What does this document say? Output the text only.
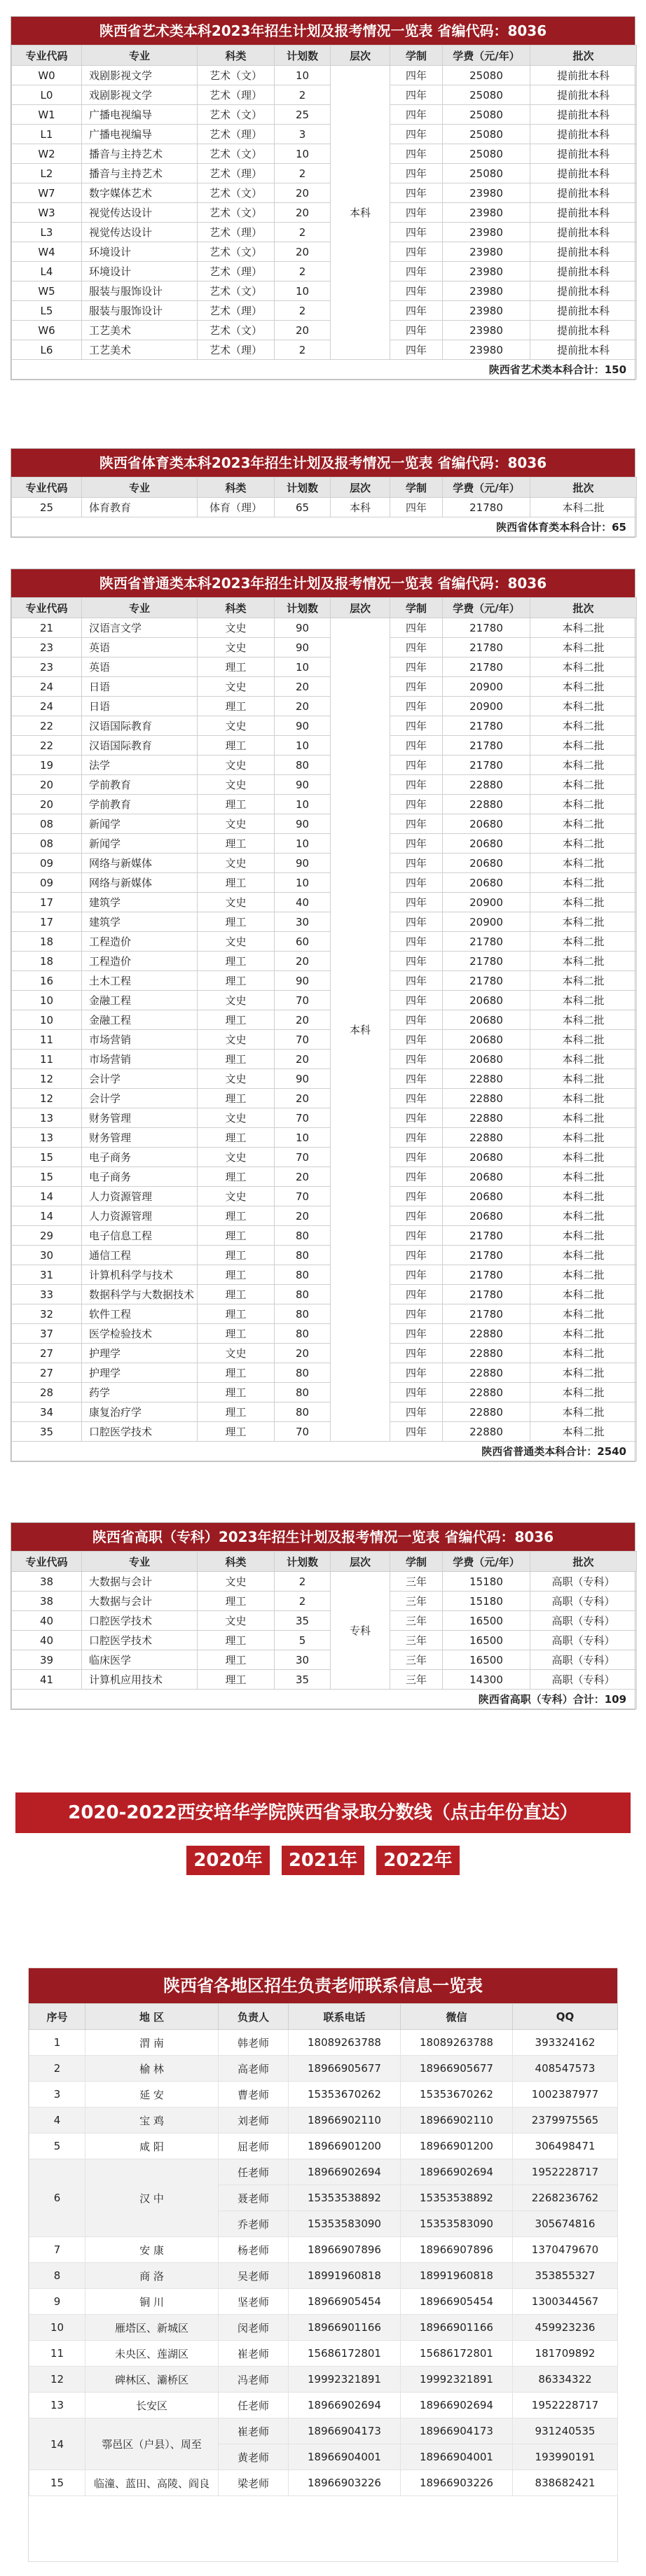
陕西省艺术类本科2023年招生计划及报考情况一览表 省编代码：8036
专业代码	专业	科类	计划数	层次	学制	学费（元/年）	批次
W0	戏剧影视文学	艺术（文）	10	本科	四年	25080	提前批本科
L0	戏剧影视文学	艺术（理）	2		四年	25080	提前批本科
W1	广播电视编导	艺术（文）	25		四年	25080	提前批本科
L1	广播电视编导	艺术（理）	3		四年	25080	提前批本科
W2	播音与主持艺术	艺术（文）	10		四年	25080	提前批本科
L2	播音与主持艺术	艺术（理）	2		四年	25080	提前批本科
W7	数字媒体艺术	艺术（文）	20		四年	23980	提前批本科
W3	视觉传达设计	艺术（文）	20		四年	23980	提前批本科
L3	视觉传达设计	艺术（理）	2		四年	23980	提前批本科
W4	环境设计	艺术（文）	20		四年	23980	提前批本科
L4	环境设计	艺术（理）	2		四年	23980	提前批本科
W5	服装与服饰设计	艺术（文）	10		四年	23980	提前批本科
L5	服装与服饰设计	艺术（理）	2		四年	23980	提前批本科
W6	工艺美术	艺术（文）	20		四年	23980	提前批本科
L6	工艺美术	艺术（理）	2		四年	23980	提前批本科
陕西省艺术类本科合计：150							
陕西省体育类本科2023年招生计划及报考情况一览表 省编代码：8036
专业代码	专业	科类	计划数	层次	学制	学费（元/年）	批次
25	体育教育	体育（理）	65	本科	四年	21780	本科二批
陕西省体育类本科合计：65							
陕西省普通类本科2023年招生计划及报考情况一览表 省编代码：8036
专业代码	专业	科类	计划数	层次	学制	学费（元/年）	批次
21	汉语言文学	文史	90	本科	四年	21780	本科二批
23	英语	文史	90		四年	21780	本科二批
23	英语	理工	10		四年	21780	本科二批
24	日语	文史	20		四年	20900	本科二批
24	日语	理工	20		四年	20900	本科二批
22	汉语国际教育	文史	90		四年	21780	本科二批
22	汉语国际教育	理工	10		四年	21780	本科二批
19	法学	文史	80		四年	21780	本科二批
20	学前教育	文史	90		四年	22880	本科二批
20	学前教育	理工	10		四年	22880	本科二批
08	新闻学	文史	90		四年	20680	本科二批
08	新闻学	理工	10		四年	20680	本科二批
09	网络与新媒体	文史	90		四年	20680	本科二批
09	网络与新媒体	理工	10		四年	20680	本科二批
17	建筑学	文史	40		四年	20900	本科二批
17	建筑学	理工	30		四年	20900	本科二批
18	工程造价	文史	60		四年	21780	本科二批
18	工程造价	理工	20		四年	21780	本科二批
16	土木工程	理工	90		四年	21780	本科二批
10	金融工程	文史	70		四年	20680	本科二批
10	金融工程	理工	20		四年	20680	本科二批
11	市场营销	文史	70		四年	20680	本科二批
11	市场营销	理工	20		四年	20680	本科二批
12	会计学	文史	90		四年	22880	本科二批
12	会计学	理工	20		四年	22880	本科二批
13	财务管理	文史	70		四年	22880	本科二批
13	财务管理	理工	10		四年	22880	本科二批
15	电子商务	文史	70		四年	20680	本科二批
15	电子商务	理工	20		四年	20680	本科二批
14	人力资源管理	文史	70		四年	20680	本科二批
14	人力资源管理	理工	20		四年	20680	本科二批
29	电子信息工程	理工	80		四年	21780	本科二批
30	通信工程	理工	80		四年	21780	本科二批
31	计算机科学与技术	理工	80		四年	21780	本科二批
33	数据科学与大数据技术	理工	80		四年	21780	本科二批
32	软件工程	理工	80		四年	21780	本科二批
37	医学检验技术	理工	80		四年	22880	本科二批
27	护理学	文史	20		四年	22880	本科二批
27	护理学	理工	80		四年	22880	本科二批
28	药学	理工	80		四年	22880	本科二批
34	康复治疗学	理工	80		四年	22880	本科二批
35	口腔医学技术	理工	70		四年	22880	本科二批
陕西省普通类本科合计：2540							
陕西省高职（专科）2023年招生计划及报考情况一览表 省编代码：8036
专业代码	专业	科类	计划数	层次	学制	学费（元/年）	批次
38	大数据与会计	文史	2	专科	三年	15180	高职（专科）
38	大数据与会计	理工	2		三年	15180	高职（专科）
40	口腔医学技术	文史	35		三年	16500	高职（专科）
40	口腔医学技术	理工	5		三年	16500	高职（专科）
39	临床医学	理工	30		三年	16500	高职（专科）
41	计算机应用技术	理工	35		三年	14300	高职（专科）
陕西省高职（专科）合计：109							
2020-2022西安培华学院陕西省录取分数线（点击年份直达）
2020年 2021年 2022年
陕西省各地区招生负责老师联系信息一览表
序号	地 区	负责人	联系电话	微信	QQ
1	渭 南	韩老师	18089263788	18089263788	393324162
2	榆 林	高老师	18966905677	18966905677	408547573
3	延 安	曹老师	15353670262	15353670262	1002387977
4	宝 鸡	刘老师	18966902110	18966902110	2379975565
5	咸 阳	屈老师	18966901200	18966901200	306498471
6	汉 中	任老师	18966902694	18966902694	1952228717
		聂老师	15353538892	15353538892	2268236762
		乔老师	15353583090	15353583090	305674816
7	安 康	杨老师	18966907896	18966907896	1370479670
8	商 洛	吴老师	18991960818	18991960818	353855327
9	铜 川	坚老师	18966905454	18966905454	1300344567
10	雁塔区、新城区	闵老师	18966901166	18966901166	459923236
11	未央区、莲湖区	崔老师	15686172801	15686172801	181709892
12	碑林区、灞桥区	冯老师	19992321891	19992321891	86334322
13	长安区	任老师	18966902694	18966902694	1952228717
14	鄠邑区（户县）、周至	崔老师	18966904173	18966904173	931240535
		黄老师	18966904001	18966904001	193990191
15	临潼、蓝田、高陵、阎良	梁老师	18966903226	18966903226	838682421
